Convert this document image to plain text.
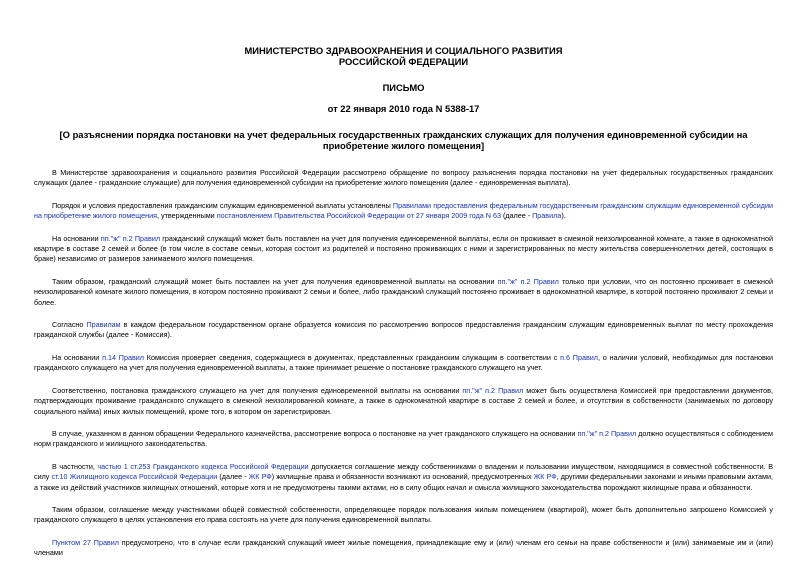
МИНИСТЕРСТВО ЗДРАВООХРАНЕНИЯ И СОЦИАЛЬНОГО РАЗВИТИЯ
РОССИЙСКОЙ ФЕДЕРАЦИИ
ПИСЬМО
от 22 января 2010 года N 5388-17
[О разъяснении порядка постановки на учет федеральных государственных гражданских служащих для получения единовременной субсидии на приобретение жилого помещения]

В Министерстве здравоохранения и социального развития Российской Федерации рассмотрено обращение по вопросу разъяснения порядка постановки на учет федеральных государственных гражданских служащих (далее - гражданские служащие) для получения единовременной субсидии на приобретение жилого помещения (далее - единовременная выплата).

Порядок и условия предоставления гражданским служащим единовременной выплаты установлены Правилами предоставления федеральным государственным гражданским служащим единовременной субсидии на приобретение жилого помещения, утвержденными постановлением Правительства Российской Федерации от 27 января 2009 года N 63 (далее - Правила).

На основании пп."ж" п.2 Правил гражданский служащий может быть поставлен на учет для получения единовременной выплаты, если он проживает в смежной неизолированной комнате, а также в однокомнатной квартире в составе 2 семей и более (в том числе в составе семьи, которая состоит из родителей и постоянно проживающих с ними и зарегистрированных по месту жительства совершеннолетних детей, состоящих в браке) независимо от размеров занимаемого жилого помещения.

Таким образом, гражданский служащий может быть поставлен на учет для получения единовременной выплаты на основании пп."ж" п.2 Правил только при условии, что он постоянно проживает в смежной неизолированной комнате жилого помещения, в котором постоянно проживают 2 семьи и более, либо гражданский служащий постоянно проживает в однокомнатной квартире, в которой постоянно проживают 2 семьи и более.

Согласно Правилам в каждом федеральном государственном органе образуется комиссия по рассмотрению вопросов предоставления гражданским служащим единовременных выплат по месту прохождения гражданской службы (далее - Комиссия).

На основании п.14 Правил Комиссия проверяет сведения, содержащиеся в документах, представленных гражданским служащим в соответствии с п.6 Правил, о наличии условий, необходимых для постановки гражданского служащего на учет для получения единовременной выплаты, а также принимает решение о постановке гражданского служащего на учет.

Соответственно, постановка гражданского служащего на учет для получения единовременной выплаты на основании пп."ж" п.2 Правил может быть осуществлена Комиссией при предоставлении документов, подтверждающих проживание гражданского служащего в смежной неизолированной комнате, а также в однокомнатной квартире в составе 2 семей и более, и отсутствии в собственности (занимаемых по договору социального найма) иных жилых помещений, кроме того, в котором он зарегистрирован.

В случае, указанном в данном обращении Федерального казначейства, рассмотрение вопроса о постановке на учет гражданского служащего на основании пп."ж" п.2 Правил должно осуществляться с соблюдением норм гражданского и жилищного законодательства.

В частности, частью 1 ст.253 Гражданского кодекса Российской Федерации допускается соглашение между собственниками о владении и пользовании имуществом, находящимся в совместной собственности. В силу ст.10 Жилищного кодекса Российской Федерации (далее - ЖК РФ) жилищные права и обязанности возникают из оснований, предусмотренных ЖК РФ, другими федеральными законами и иными правовыми актами, а также из действий участников жилищных отношений, которые хотя и не предусмотрены такими актами, но в силу общих начал и смысла жилищного законодательства порождают жилищные права и обязанности.

Таким образом, соглашение между участниками общей совместной собственности, определяющее порядок пользования жилым помещением (квартирой), может быть дополнительно запрошено Комиссией у гражданского служащего в целях установления его права состоять на учете для получения единовременной выплаты.

Пунктом 27 Правил предусмотрено, что в случае если гражданский служащий имеет жилые помещения, принадлежащие ему и (или) членам его семьи на праве собственности и (или) занимаемые им и (или) членами
